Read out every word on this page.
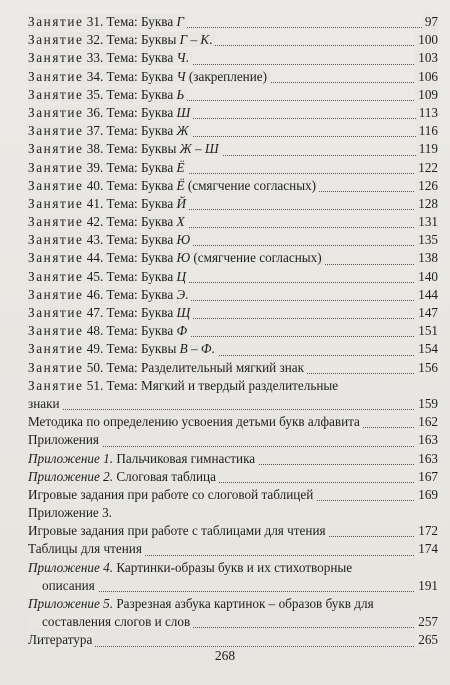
Занятие 31. Тема: Буква Г	97
Занятие 32. Тема: Буквы Г – К.	100
Занятие 33. Тема: Буква Ч.	103
Занятие 34. Тема: Буква Ч (закрепление)	106
Занятие 35. Тема: Буква Ь	109
Занятие 36. Тема: Буква Ш	113
Занятие 37. Тема: Буква Ж	116
Занятие 38. Тема: Буквы Ж – Ш	119
Занятие 39. Тема: Буква Ё	122
Занятие 40. Тема: Буква Ё (смягчение согласных)	126
Занятие 41. Тема: Буква Й	128
Занятие 42. Тема: Буква Х	131
Занятие 43. Тема: Буква Ю	135
Занятие 44. Тема: Буква Ю (смягчение согласных)	138
Занятие 45. Тема: Буква Ц	140
Занятие 46. Тема: Буква Э.	144
Занятие 47. Тема: Буква Щ	147
Занятие 48. Тема: Буква Ф	151
Занятие 49. Тема: Буквы В – Ф.	154
Занятие 50. Тема: Разделительный мягкий знак	156
Занятие 51. Тема: Мягкий и твердый разделительные
знаки	159
Методика по определению усвоения детьми букв алфавита	162
Приложения	163
Приложение 1. Пальчиковая гимнастика	163
Приложение 2. Слоговая таблица	167
Игровые задания при работе со слоговой таблицей	169
Приложение 3.
Игровые задания при работе с таблицами для чтения	172
Таблицы для чтения	174
Приложение 4. Картинки-образы букв и их стихотворные
описания	191
Приложение 5. Разрезная азбука картинок – образов букв для
составления слогов и слов	257
Литература	265
268
